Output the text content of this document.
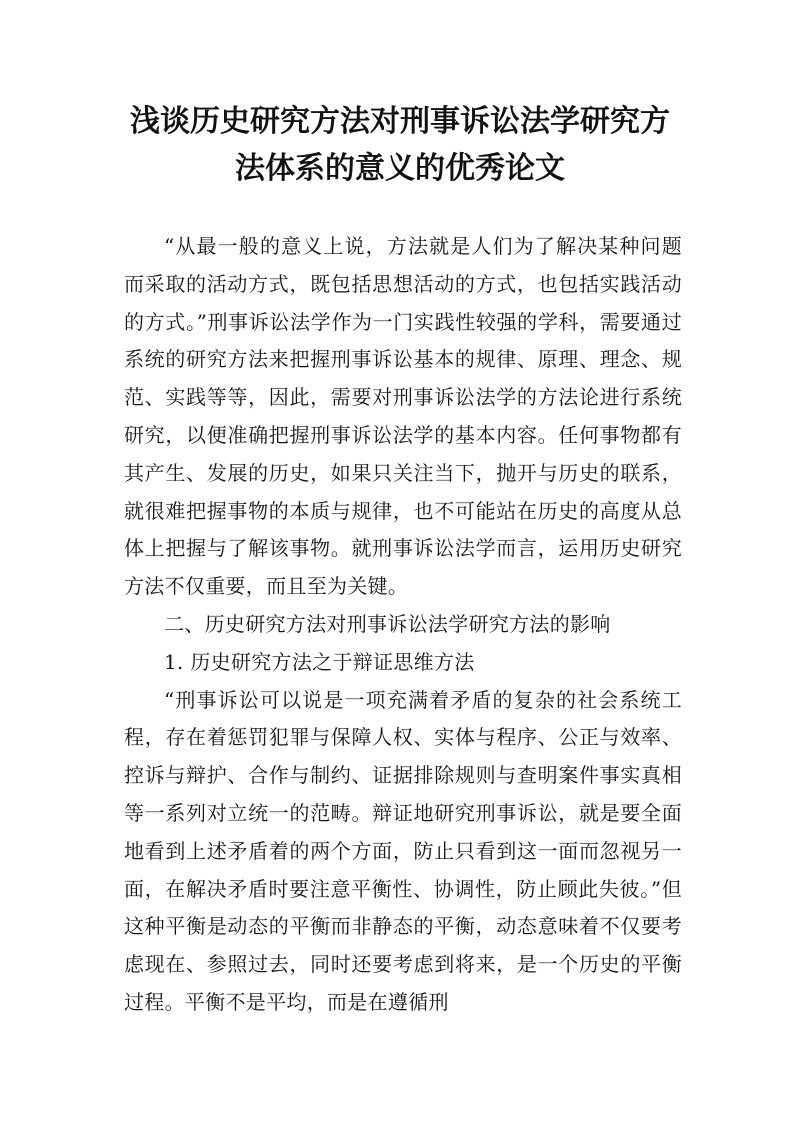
浅谈历史研究方法对刑事诉讼法学研究方
法体系的意义的优秀论文

“从最一般的意义上说，方法就是人们为了解决某种问题而采取的活动方式，既包括思想活动的方式，也包括实践活动的方式。”刑事诉讼法学作为一门实践性较强的学科，需要通过系统的研究方法来把握刑事诉讼基本的规律、原理、理念、规范、实践等等，因此，需要对刑事诉讼法学的方法论进行系统研究，以便准确把握刑事诉讼法学的基本内容。任何事物都有其产生、发展的历史，如果只关注当下，抛开与历史的联系，就很难把握事物的本质与规律，也不可能站在历史的高度从总体上把握与了解该事物。就刑事诉讼法学而言，运用历史研究方法不仅重要，而且至为关键。

二、历史研究方法对刑事诉讼法学研究方法的影响

1. 历史研究方法之于辩证思维方法

“刑事诉讼可以说是一项充满着矛盾的复杂的社会系统工程，存在着惩罚犯罪与保障人权、实体与程序、公正与效率、控诉与辩护、合作与制约、证据排除规则与查明案件事实真相等一系列对立统一的范畴。辩证地研究刑事诉讼，就是要全面地看到上述矛盾着的两个方面，防止只看到这一面而忽视另一面，在解决矛盾时要注意平衡性、协调性，防止顾此失彼。”但这种平衡是动态的平衡而非静态的平衡，动态意味着不仅要考虑现在、参照过去，同时还要考虑到将来，是一个历史的平衡过程。平衡不是平均，而是在遵循刑
